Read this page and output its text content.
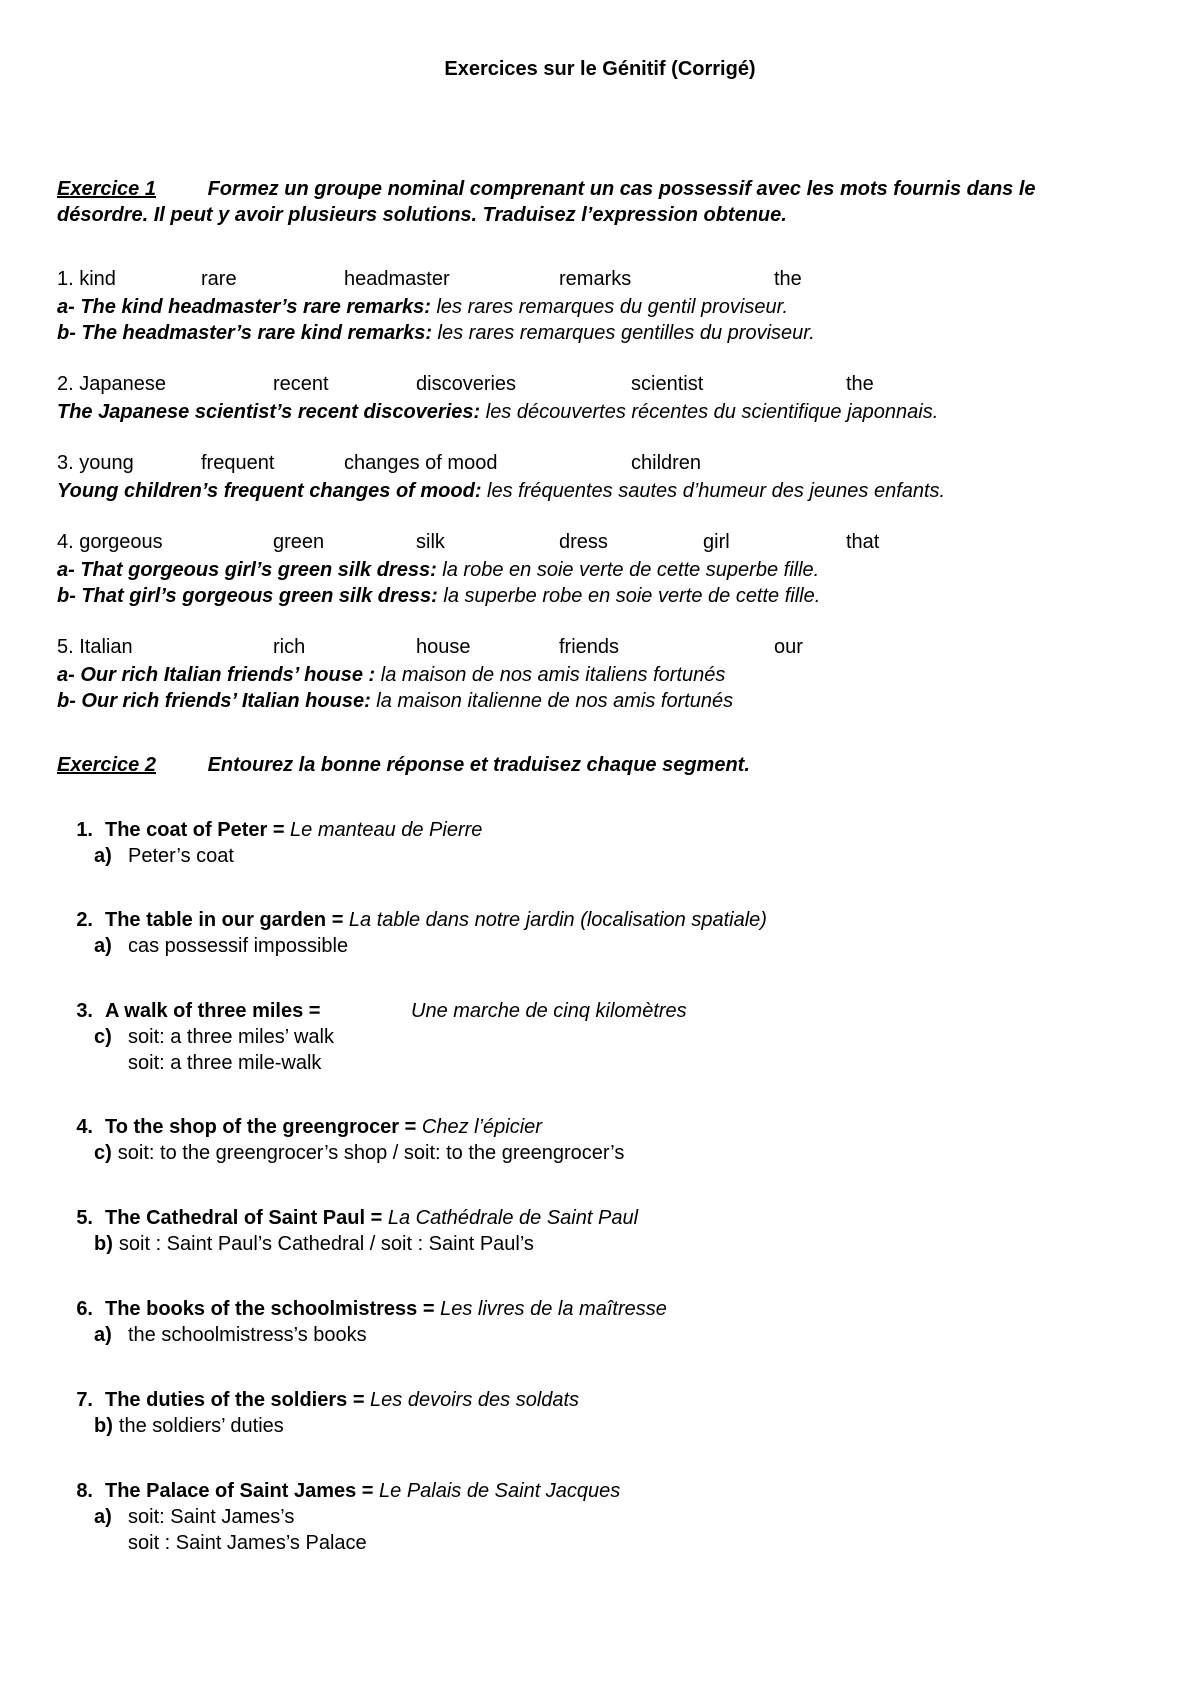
Exercices sur le Génitif (Corrigé)
Exercice 1	Formez un groupe nominal comprenant un cas possessif avec les mots fournis dans le
désordre. Il peut y avoir plusieurs solutions. Traduisez l’expression obtenue.
1. kind	rare	headmaster	remarks	the
a- The kind headmaster’s rare remarks: les rares remarques du gentil proviseur.
b- The headmaster’s rare kind remarks: les rares remarques gentilles du proviseur.
2. Japanese	recent	discoveries	scientist	the
The Japanese scientist’s recent discoveries: les découvertes récentes du scientifique japonnais.
3. young	frequent	changes of mood	children
Young children’s frequent changes of mood: les fréquentes sautes d’humeur des jeunes enfants.
4. gorgeous	green	silk	dress	girl	that
a- That gorgeous girl’s green silk dress: la robe en soie verte de cette superbe fille.
b- That girl’s gorgeous green silk dress: la superbe robe en soie verte de cette fille.
5. Italian	rich	house	friends	our
a- Our rich Italian friends’ house : la maison de nos amis italiens fortunés
b- Our rich friends’ Italian house: la maison italienne de nos amis fortunés
Exercice 2	Entourez la bonne réponse et traduisez chaque segment.
1. The coat of Peter = Le manteau de Pierre
a) Peter’s coat
2. The table in our garden = La table dans notre jardin (localisation spatiale)
a) cas possessif impossible
3. A walk of three miles =	Une marche de cinq kilomètres
c) soit: a three miles’ walk
soit: a three mile-walk
4. To the shop of the greengrocer = Chez l’épicier
c) soit: to the greengrocer’s shop / soit: to the greengrocer’s
5. The Cathedral of Saint Paul = La Cathédrale de Saint Paul
b) soit : Saint Paul’s Cathedral / soit : Saint Paul’s
6. The books of the schoolmistress = Les livres de la maîtresse
a) the schoolmistress’s books
7. The duties of the soldiers = Les devoirs des soldats
b) the soldiers’ duties
8. The Palace of Saint James = Le Palais de Saint Jacques
a) soit: Saint James’s
soit : Saint James’s Palace
